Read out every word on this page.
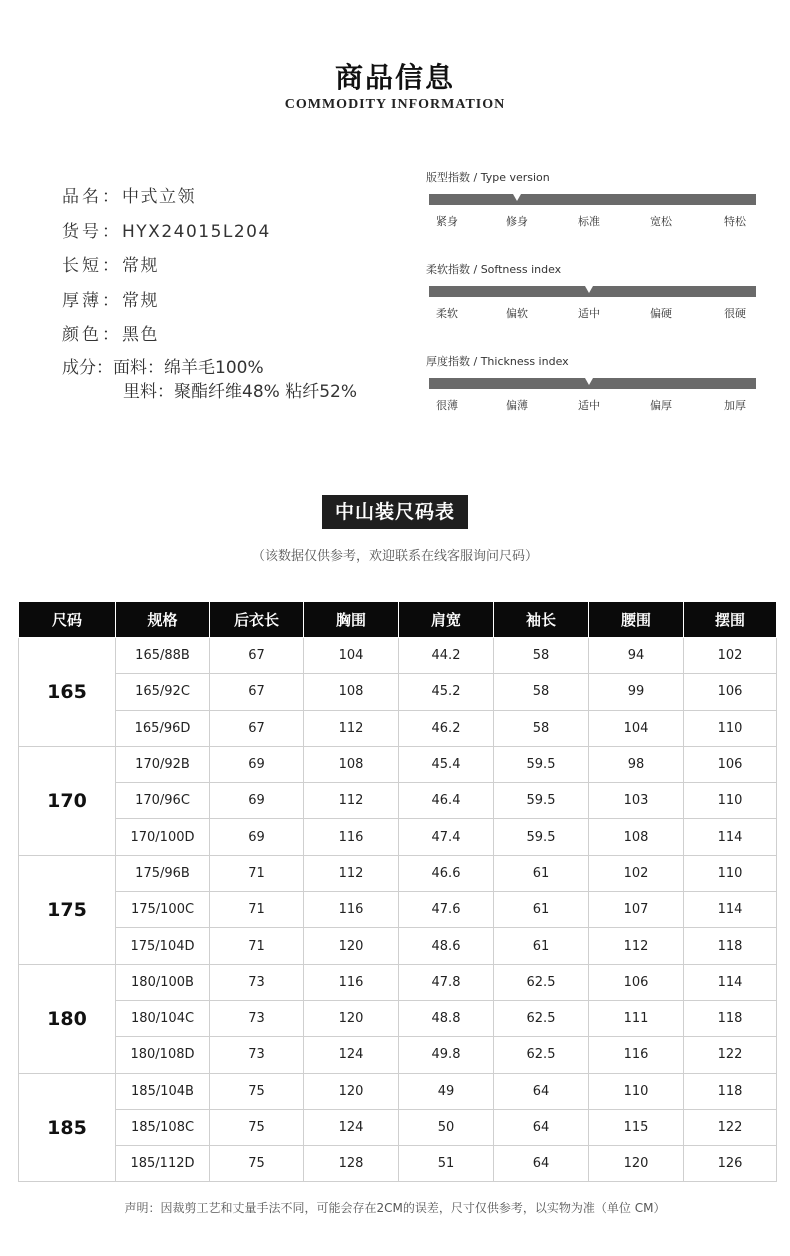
商品信息
COMMODITY INFORMATION
品名：中式立领
货号：HYX24015L204
长短：常规
厚薄：常规
颜色：黑色
成分：面料：绵羊毛100%
里料：聚酯纤维48% 粘纤52%
版型指数 / Type version
紧身	修身	标准	宽松	特松
柔软指数 / Softness index
柔软	偏软	适中	偏硬	很硬
厚度指数 / Thickness index
很薄	偏薄	适中	偏厚	加厚
中山装尺码表
（该数据仅供参考，欢迎联系在线客服询问尺码）
尺码	规格	后衣长	胸围	肩宽	袖长	腰围	摆围
165	165/88B	67	104	44.2	58	94	102
	165/92C	67	108	45.2	58	99	106
	165/96D	67	112	46.2	58	104	110
170	170/92B	69	108	45.4	59.5	98	106
	170/96C	69	112	46.4	59.5	103	110
	170/100D	69	116	47.4	59.5	108	114
175	175/96B	71	112	46.6	61	102	110
	175/100C	71	116	47.6	61	107	114
	175/104D	71	120	48.6	61	112	118
180	180/100B	73	116	47.8	62.5	106	114
	180/104C	73	120	48.8	62.5	111	118
	180/108D	73	124	49.8	62.5	116	122
185	185/104B	75	120	49	64	110	118
	185/108C	75	124	50	64	115	122
	185/112D	75	128	51	64	120	126
声明：因裁剪工艺和丈量手法不同，可能会存在2CM的误差，尺寸仅供参考，以实物为准（单位 CM）
